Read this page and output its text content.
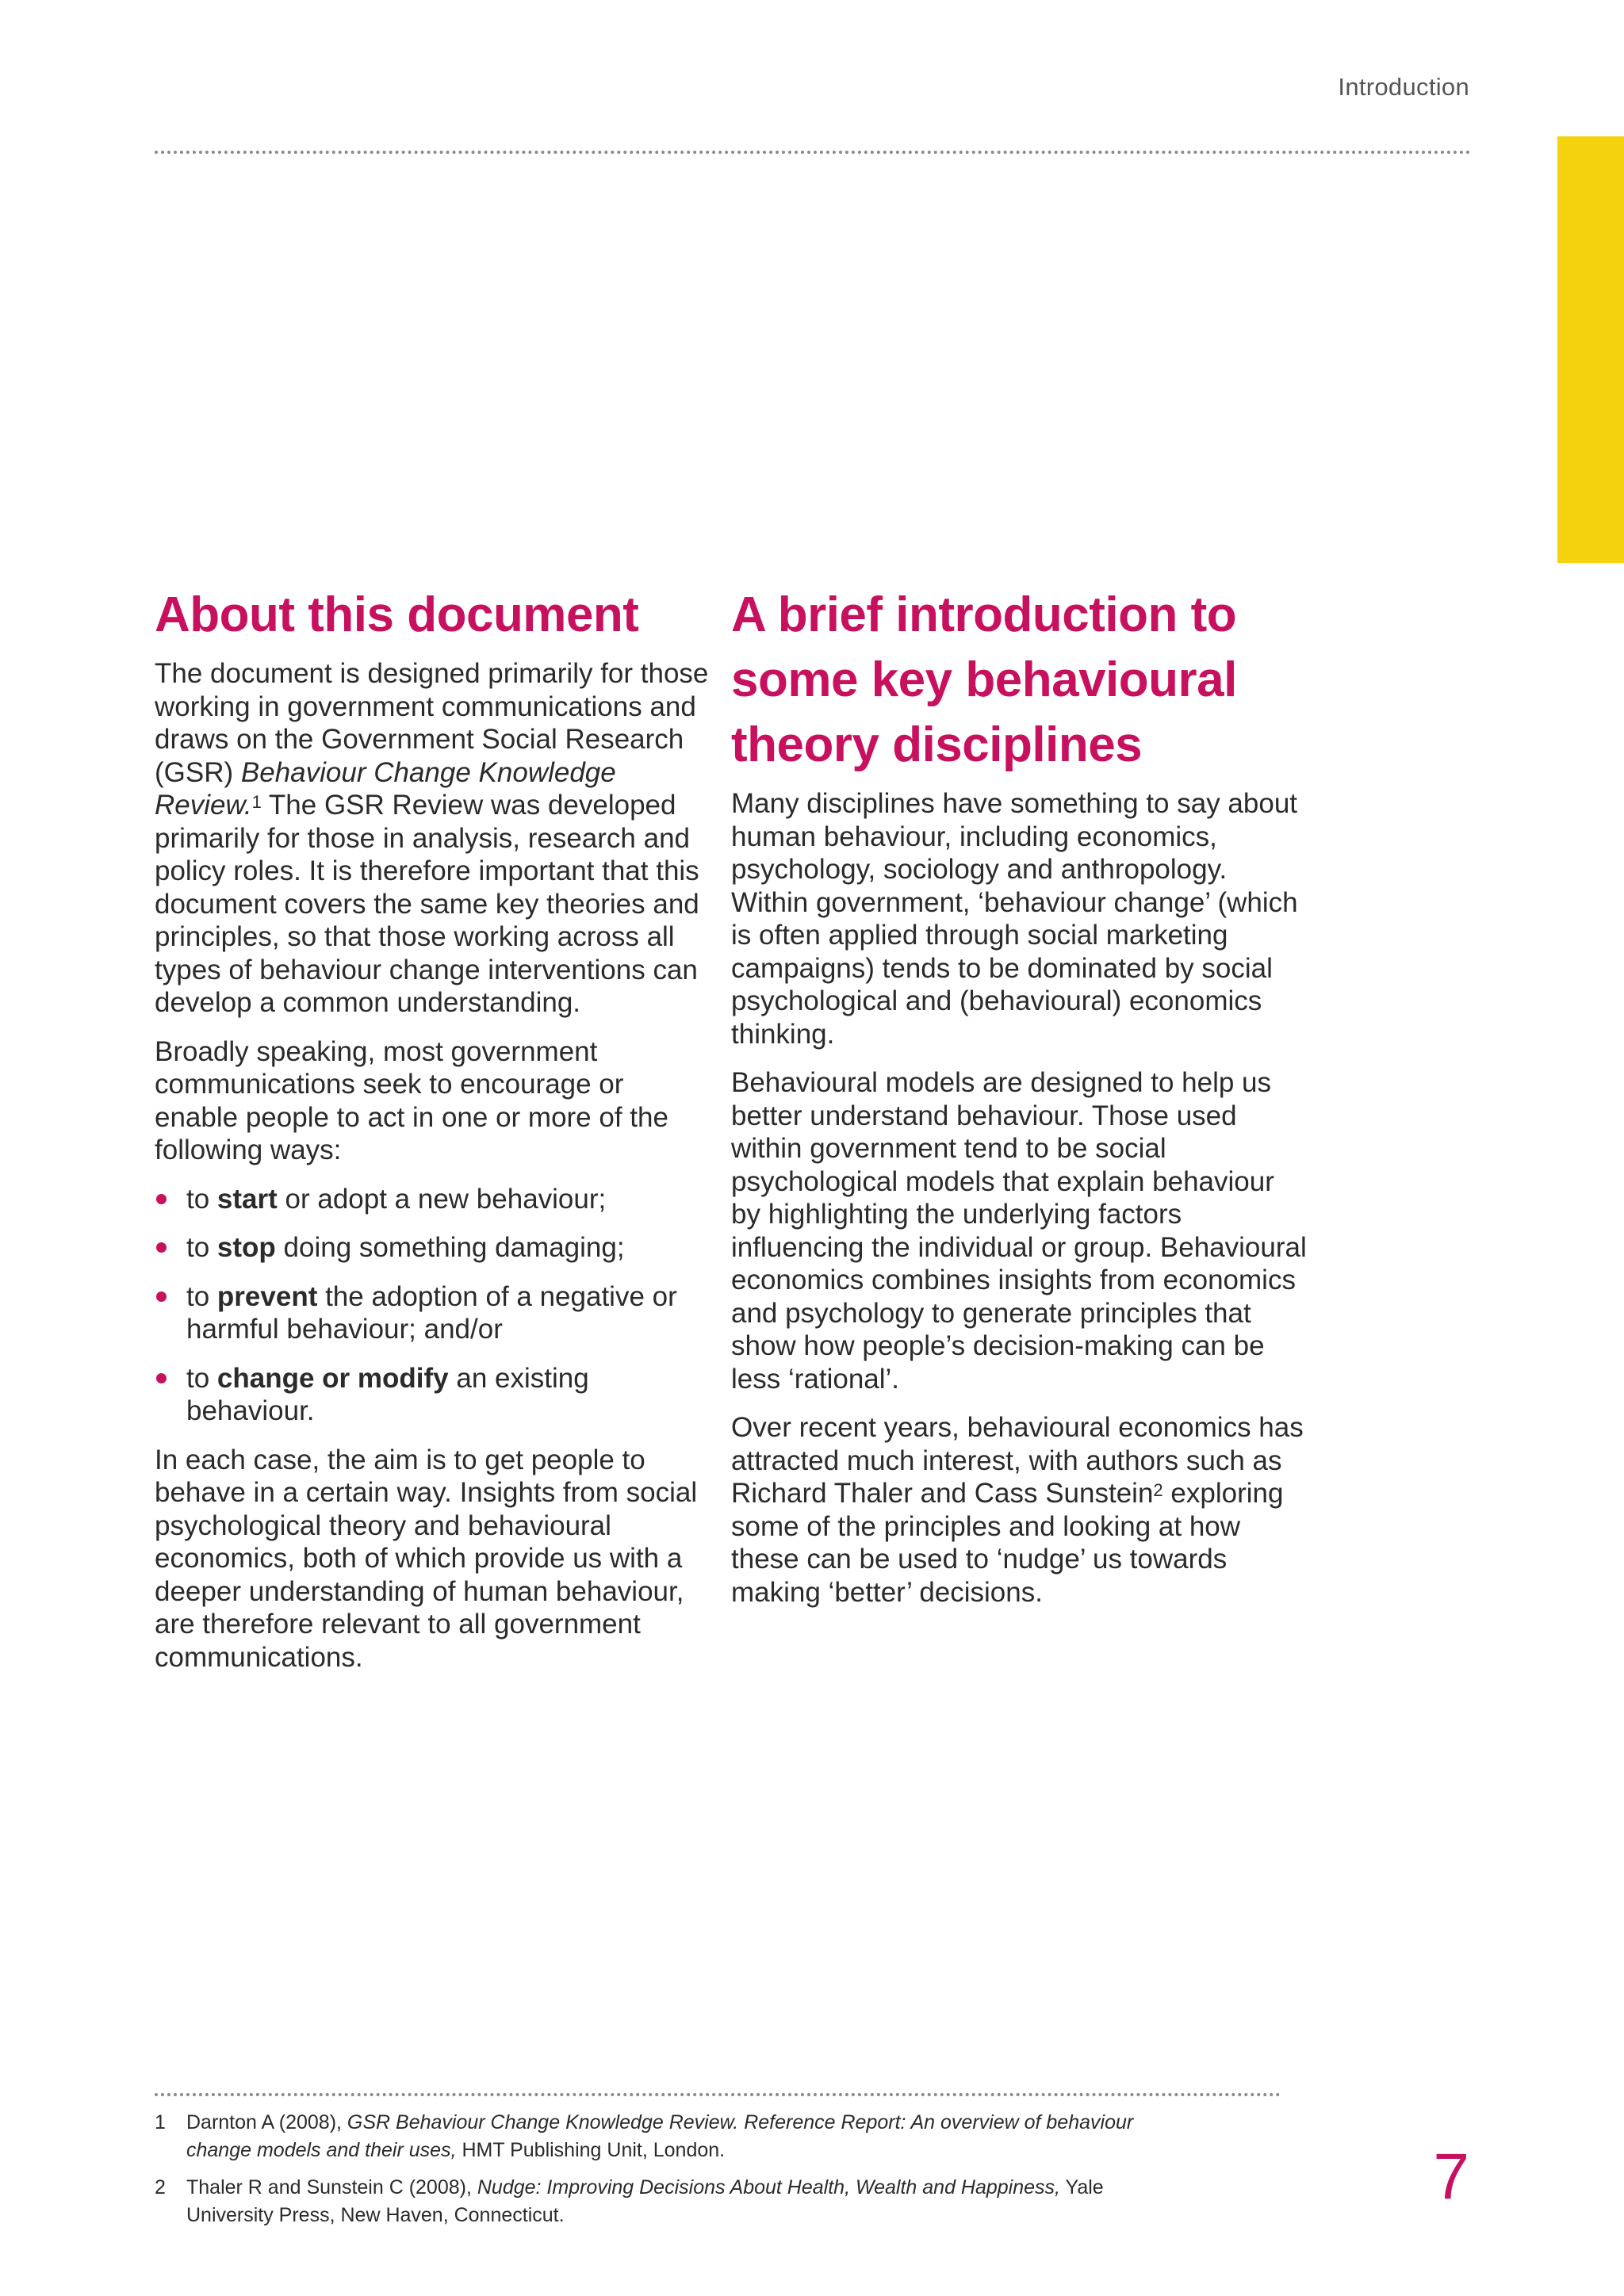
Introduction
About this document

The document is designed primarily for those working in government communications and draws on the Government Social Research (GSR) Behaviour Change Knowledge Review.$^1$ The GSR Review was developed primarily for those in analysis, research and policy roles. It is therefore important that this document covers the same key theories and principles, so that those working across all types of behaviour change interventions can develop a common understanding.

Broadly speaking, most government communications seek to encourage or enable people to act in one or more of the following ways:

to start or adopt a new behaviour;
to stop doing something damaging;
to prevent the adoption of a negative or harmful behaviour; and/or
to change or modify an existing behaviour.

In each case, the aim is to get people to behave in a certain way. Insights from social psychological theory and behavioural economics, both of which provide us with a deeper understanding of human behaviour, are therefore relevant to all government communications.

A brief introduction to some key behavioural theory disciplines

Many disciplines have something to say about human behaviour, including economics, psychology, sociology and anthropology. Within government, ‘behaviour change’ (which is often applied through social marketing campaigns) tends to be dominated by social psychological and (behavioural) economics thinking.

Behavioural models are designed to help us better understand behaviour. Those used within government tend to be social psychological models that explain behaviour by highlighting the underlying factors influencing the individual or group. Behavioural economics combines insights from economics and psychology to generate principles that show how people’s decision-making can be less ‘rational’.

Over recent years, behavioural economics has attracted much interest, with authors such as Richard Thaler and Cass Sunstein$^2$ exploring some of the principles and looking at how these can be used to ‘nudge’ us towards making ‘better’ decisions.

1 Darnton A (2008), GSR Behaviour Change Knowledge Review. Reference Report: An overview of behaviour change models and their uses, HMT Publishing Unit, London.
2 Thaler R and Sunstein C (2008), Nudge: Improving Decisions About Health, Wealth and Happiness, Yale University Press, New Haven, Connecticut.
7
